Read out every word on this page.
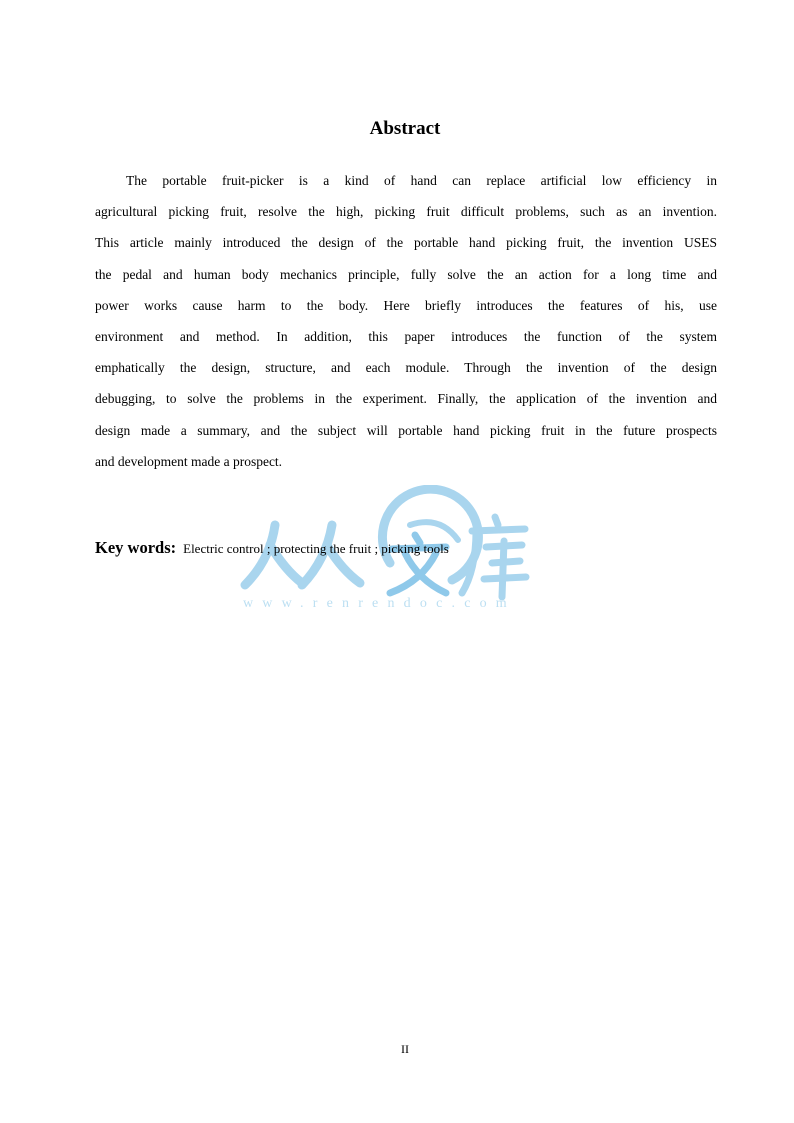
Abstract
The portable fruit-picker is a kind of hand can replace artificial low efficiency in
agricultural picking fruit, resolve the high, picking fruit difficult problems, such as an invention.
This article mainly introduced the design of the portable hand picking fruit, the invention USES
the pedal and human body mechanics principle, fully solve the an action for a long time and
power works cause harm to the body. Here briefly introduces the features of his, use
environment and method. In addition, this paper introduces the function of the system
emphatically the design, structure, and each module. Through the invention of the design
debugging, to solve the problems in the experiment. Finally, the application of the invention and
design made a summary, and the subject will portable hand picking fruit in the future prospects
and development made a prospect.
Key words: Electric control ; protecting the fruit ; picking tools
www.renrendoc.com
II
